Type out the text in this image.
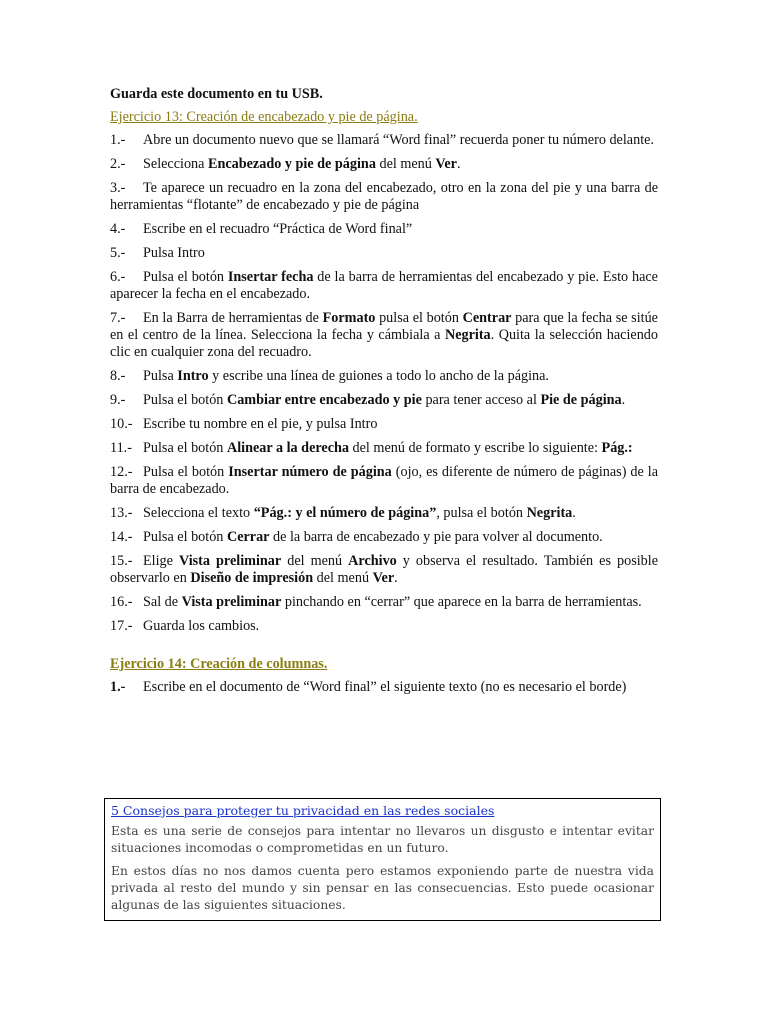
Guarda este documento en tu USB.

Ejercicio 13: Creación de encabezado y pie de página.

1.- Abre un documento nuevo que se llamará “Word final” recuerda poner tu número delante.

2.- Selecciona Encabezado y pie de página del menú Ver.

3.- Te aparece un recuadro en la zona del encabezado, otro en la zona del pie y una barra de herramientas “flotante” de encabezado y pie de página

4.- Escribe en el recuadro “Práctica de Word final”

5.- Pulsa Intro

6.- Pulsa el botón Insertar fecha de la barra de herramientas del encabezado y pie. Esto hace aparecer la fecha en el encabezado.

7.- En la Barra de herramientas de Formato pulsa el botón Centrar para que la fecha se sitúe en el centro de la línea. Selecciona la fecha y cámbiala a Negrita. Quita la selección haciendo clic en cualquier zona del recuadro.

8.- Pulsa Intro y escribe una línea de guiones a todo lo ancho de la página.

9.- Pulsa el botón Cambiar entre encabezado y pie para tener acceso al Pie de página.

10.- Escribe tu nombre en el pie, y pulsa Intro

11.- Pulsa el botón Alinear a la derecha del menú de formato y escribe lo siguiente: Pág.:

12.- Pulsa el botón Insertar número de página (ojo, es diferente de número de páginas) de la barra de encabezado.

13.- Selecciona el texto “Pág.: y el número de página”, pulsa el botón Negrita.

14.- Pulsa el botón Cerrar de la barra de encabezado y pie para volver al documento.

15.- Elige Vista preliminar del menú Archivo y observa el resultado. También es posible observarlo en Diseño de impresión del menú Ver.

16.- Sal de Vista preliminar pinchando en “cerrar” que aparece en la barra de herramientas.

17.- Guarda los cambios.

Ejercicio 14: Creación de columnas.

1.- Escribe en el documento de “Word final” el siguiente texto (no es necesario el borde)

5 Consejos para proteger tu privacidad en las redes sociales

Esta es una serie de consejos para intentar no llevaros un disgusto e intentar evitar situaciones incomodas o comprometidas en un futuro.

En estos días no nos damos cuenta pero estamos exponiendo parte de nuestra vida privada al resto del mundo y sin pensar en las consecuencias. Esto puede ocasionar algunas de las siguientes situaciones.
